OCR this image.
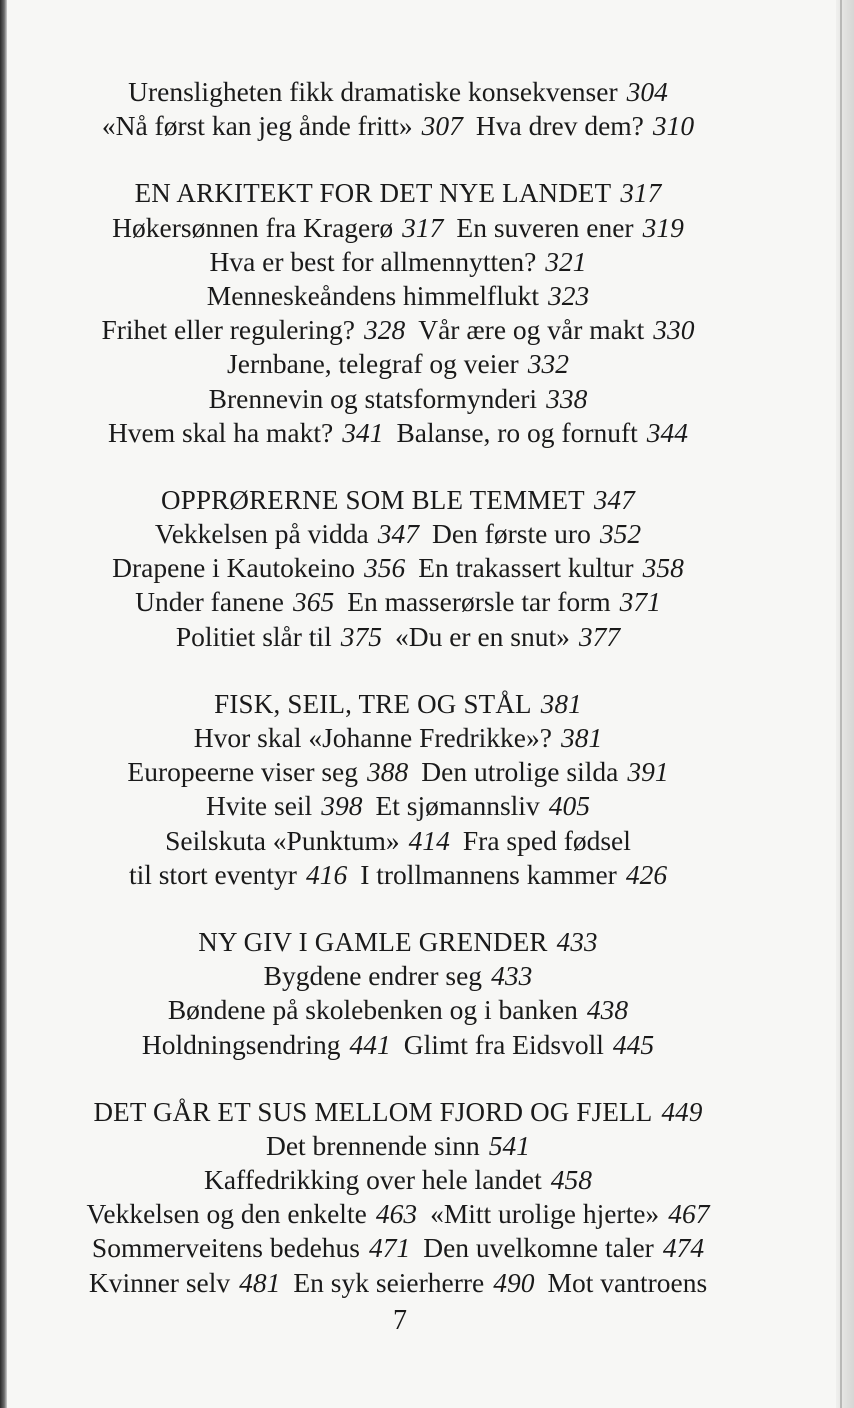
Urensligheten fikk dramatiske konsekvenser 304
«Nå først kan jeg ånde fritt» 307 Hva drev dem? 310
EN ARKITEKT FOR DET NYE LANDET 317
Høkersønnen fra Kragerø 317 En suveren ener 319
Hva er best for allmennytten? 321
Menneskeåndens himmelflukt 323
Frihet eller regulering? 328 Vår ære og vår makt 330
Jernbane, telegraf og veier 332
Brennevin og statsformynderi 338
Hvem skal ha makt? 341 Balanse, ro og fornuft 344
OPPRØRERNE SOM BLE TEMMET 347
Vekkelsen på vidda 347 Den første uro 352
Drapene i Kautokeino 356 En trakassert kultur 358
Under fanene 365 En masserørsle tar form 371
Politiet slår til 375 «Du er en snut» 377
FISK, SEIL, TRE OG STÅL 381
Hvor skal «Johanne Fredrikke»? 381
Europeerne viser seg 388 Den utrolige silda 391
Hvite seil 398 Et sjømannsliv 405
Seilskuta «Punktum» 414 Fra sped fødsel
til stort eventyr 416 I trollmannens kammer 426
NY GIV I GAMLE GRENDER 433
Bygdene endrer seg 433
Bøndene på skolebenken og i banken 438
Holdningsendring 441 Glimt fra Eidsvoll 445
DET GÅR ET SUS MELLOM FJORD OG FJELL 449
Det brennende sinn 541
Kaffedrikking over hele landet 458
Vekkelsen og den enkelte 463 «Mitt urolige hjerte» 467
Sommerveitens bedehus 471 Den uvelkomne taler 474
Kvinner selv 481 En syk seierherre 490 Mot vantroens
7
